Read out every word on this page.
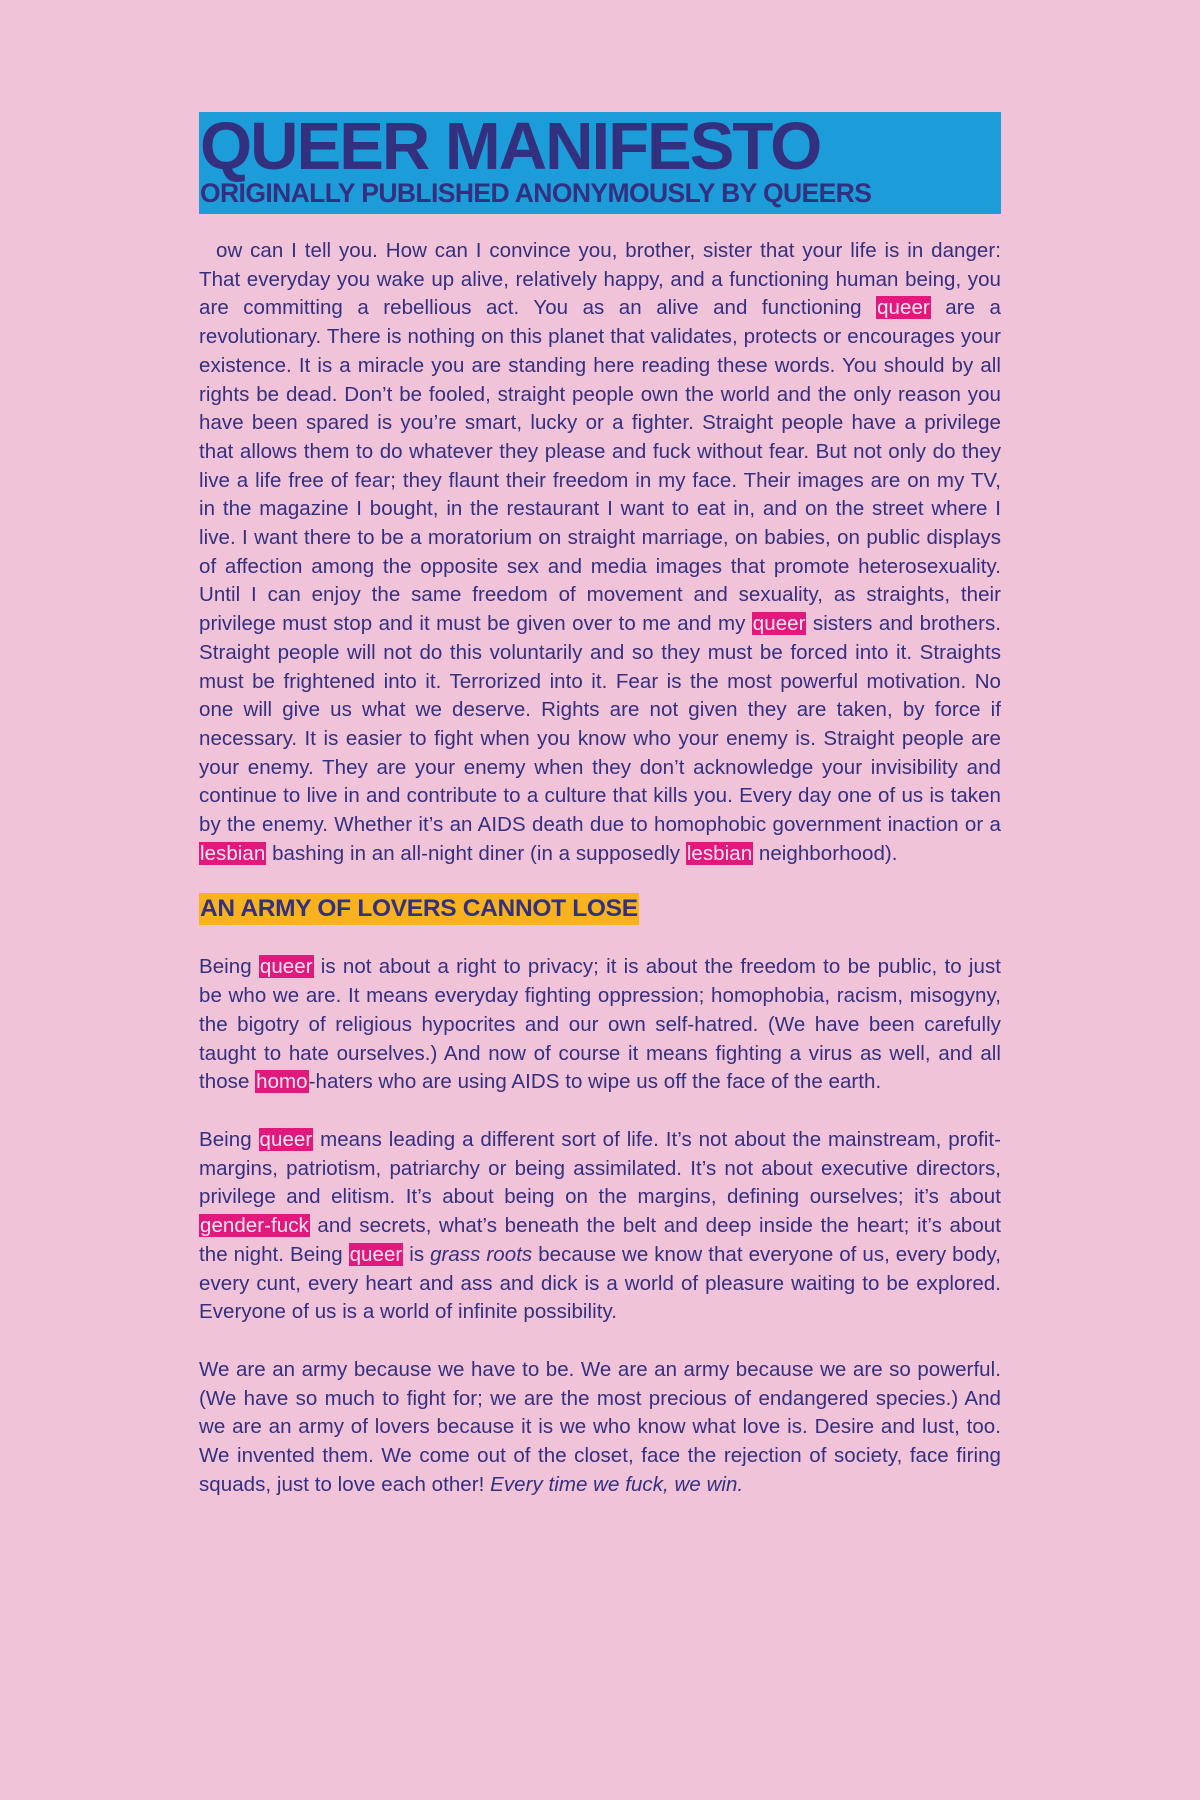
QUEER MANIFESTO
ORIGINALLY PUBLISHED ANONYMOUSLY BY QUEERS

ow can I tell you. How can I convince you, brother, sister that your life is in danger: That everyday you wake up alive, relatively happy, and a functioning human being, you are committing a rebellious act. You as an alive and functioning queer are a revolutionary. There is nothing on this planet that validates, protects or encourages your existence. It is a miracle you are standing here reading these words. You should by all rights be dead. Don’t be fooled, straight people own the world and the only reason you have been spared is you’re smart, lucky or a fighter. Straight people have a privilege that allows them to do whatever they please and fuck without fear. But not only do they live a life free of fear; they flaunt their freedom in my face. Their images are on my TV, in the magazine I bought, in the restaurant I want to eat in, and on the street where I live. I want there to be a moratorium on straight marriage, on babies, on public displays of affection among the opposite sex and media images that promote heterosexuality. Until I can enjoy the same freedom of movement and sexuality, as straights, their privilege must stop and it must be given over to me and my queer sisters and brothers. Straight people will not do this voluntarily and so they must be forced into it. Straights must be frightened into it. Terrorized into it. Fear is the most powerful motivation. No one will give us what we deserve. Rights are not given they are taken, by force if necessary. It is easier to fight when you know who your enemy is. Straight people are your enemy. They are your enemy when they don’t acknowledge your invisibility and continue to live in and contribute to a culture that kills you. Every day one of us is taken by the enemy. Whether it’s an AIDS death due to homophobic government inaction or a lesbian bashing in an all-night diner (in a supposedly lesbian neighborhood).

AN ARMY OF LOVERS CANNOT LOSE

Being queer is not about a right to privacy; it is about the freedom to be public, to just be who we are. It means everyday fighting oppression; homophobia, racism, misogyny, the bigotry of religious hypocrites and our own self-hatred. (We have been carefully taught to hate ourselves.) And now of course it means fighting a virus as well, and all those homo-haters who are using AIDS to wipe us off the face of the earth.

Being queer means leading a different sort of life. It’s not about the mainstream, profit-margins, patriotism, patriarchy or being assimilated. It’s not about executive directors, privilege and elitism. It’s about being on the margins, defining ourselves; it’s about gender-fuck and secrets, what’s beneath the belt and deep inside the heart; it’s about the night. Being queer is grass roots because we know that everyone of us, every body, every cunt, every heart and ass and dick is a world of pleasure waiting to be explored. Everyone of us is a world of infinite possibility.

We are an army because we have to be. We are an army because we are so powerful. (We have so much to fight for; we are the most precious of endangered species.) And we are an army of lovers because it is we who know what love is. Desire and lust, too. We invented them. We come out of the closet, face the rejection of society, face firing squads, just to love each other! Every time we fuck, we win.
